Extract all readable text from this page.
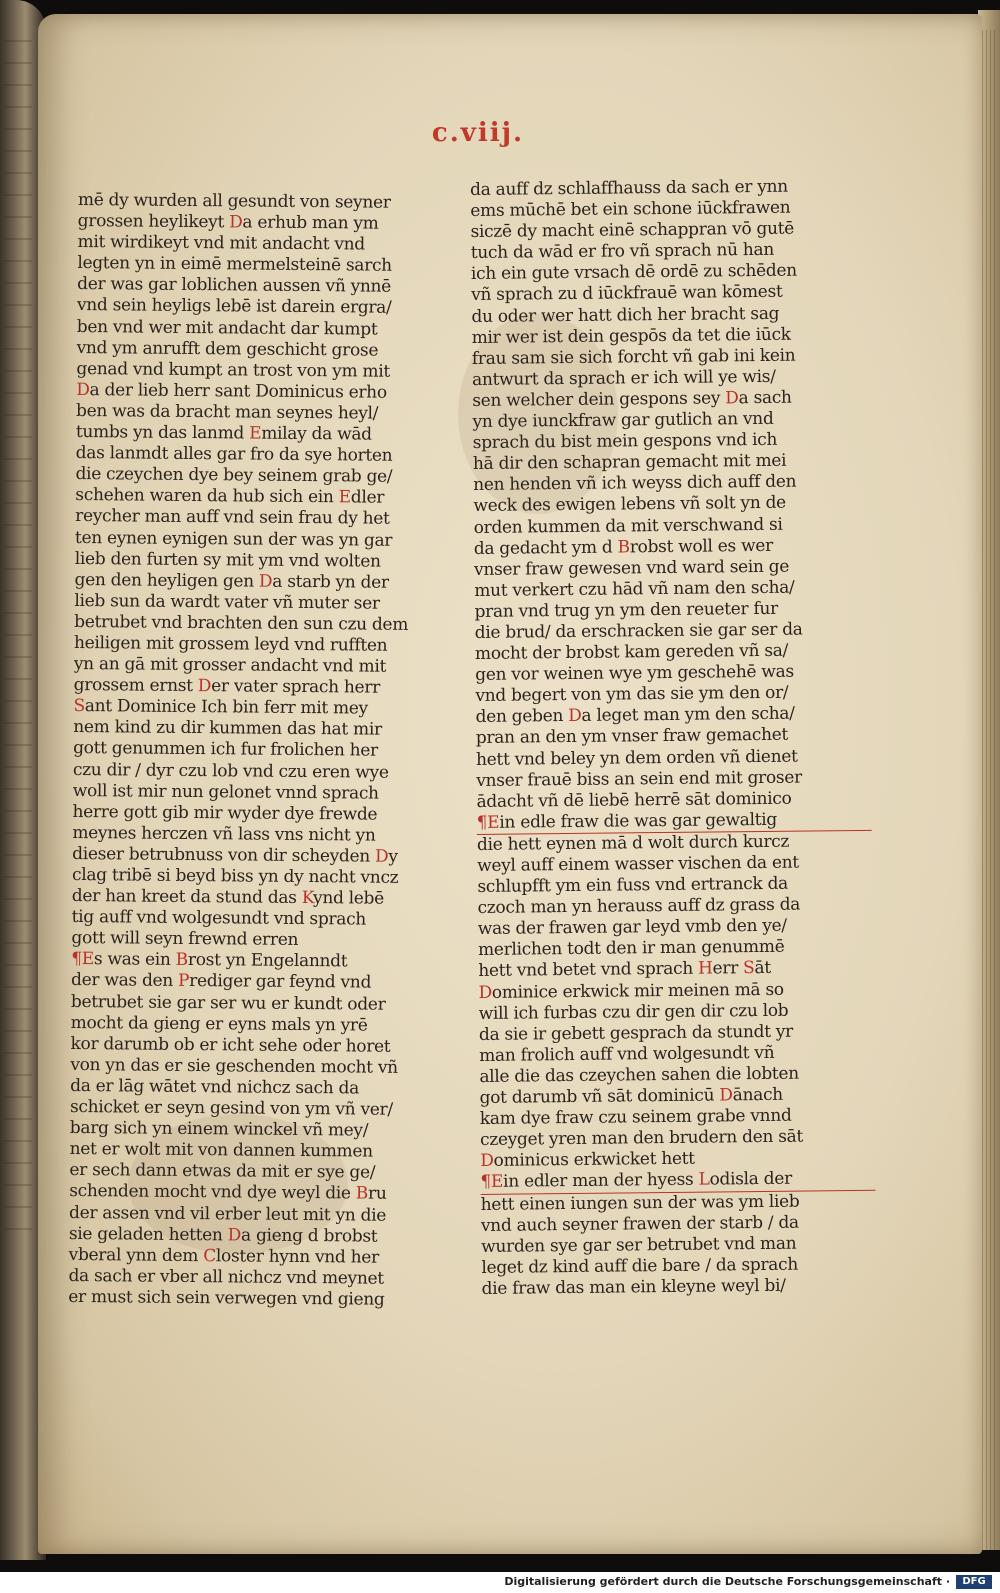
c.viij.
mē dy wurden all gesundt von seyner
grossen heylikeyt Da erhub man ym
mit wirdikeyt vnd mit andacht vnd
legten yn in eimē mermelsteinē sarch
der was gar loblichen aussen vñ ynnē
vnd sein heyligs lebē ist darein ergra/
ben vnd wer mit andacht dar kumpt
vnd ym anrufft dem geschicht grose
genad vnd kumpt an trost von ym mit
Da der lieb herr sant Dominicus erho
ben was da bracht man seynes heyl/
tumbs yn das lanmd Emilay da wād
das lanmdt alles gar fro da sye horten
die czeychen dye bey seinem grab ge/
schehen waren da hub sich ein Edler
reycher man auff vnd sein frau dy het
ten eynen eynigen sun der was yn gar
lieb den furten sy mit ym vnd wolten
gen den heyligen gen Da starb yn der
lieb sun da wardt vater vñ muter ser
betrubet vnd brachten den sun czu dem
heiligen mit grossem leyd vnd rufften
yn an gā mit grosser andacht vnd mit
grossem ernst Der vater sprach herr
Sant Dominice Ich bin ferr mit mey
nem kind zu dir kummen das hat mir
gott genummen ich fur frolichen her
czu dir / dyr czu lob vnd czu eren wye
woll ist mir nun gelonet vnnd sprach
herre gott gib mir wyder dye frewde
meynes herczen vñ lass vns nicht yn
dieser betrubnuss von dir scheyden Dy
clag tribē si beyd biss yn dy nacht vncz
der han kreet da stund das Kynd lebē
tig auff vnd wolgesundt vnd sprach
gott will seyn frewnd erren
¶Es was ein Brost yn Engelanndt
der was den Prediger gar feynd vnd
betrubet sie gar ser wu er kundt oder
mocht da gieng er eyns mals yn yrē
kor darumb ob er icht sehe oder horet
von yn das er sie geschenden mocht vñ
da er lāg wātet vnd nichcz sach da
schicket er seyn gesind von ym vñ ver/
barg sich yn einem winckel vñ mey/
net er wolt mit von dannen kummen
er sech dann etwas da mit er sye ge/
schenden mocht vnd dye weyl die Bru
der assen vnd vil erber leut mit yn die
sie geladen hetten Da gieng d brobst
vberal ynn dem Closter hynn vnd her
da sach er vber all nichcz vnd meynet
er must sich sein verwegen vnd gieng
da auff dz schlaffhauss da sach er ynn
ems mūchē bet ein schone iūckfrawen
siczē dy macht einē schappran vō gutē
tuch da wād er fro vñ sprach nū han
ich ein gute vrsach dē ordē zu schēden
vñ sprach zu d iūckfrauē wan kōmest
du oder wer hatt dich her bracht sag
mir wer ist dein gespōs da tet die iūck
frau sam sie sich forcht vñ gab ini kein
antwurt da sprach er ich will ye wis/
sen welcher dein gespons sey Da sach
yn dye iunckfraw gar gutlich an vnd
sprach du bist mein gespons vnd ich
hā dir den schapran gemacht mit mei
nen henden vñ ich weyss dich auff den
weck des ewigen lebens vñ solt yn de
orden kummen da mit verschwand si
da gedacht ym d Brobst woll es wer
vnser fraw gewesen vnd ward sein ge
mut verkert czu hād vñ nam den scha/
pran vnd trug yn ym den reueter fur
die brud/ da erschracken sie gar ser da
mocht der brobst kam gereden vñ sa/
gen vor weinen wye ym geschehē was
vnd begert von ym das sie ym den or/
den geben Da leget man ym den scha/
pran an den ym vnser fraw gemachet
hett vnd beley yn dem orden vñ dienet
vnser frauē biss an sein end mit groser
ādacht vñ dē liebē herrē sāt dominico
¶Ein edle fraw die was gar gewaltig
die hett eynen mā d wolt durch kurcz
weyl auff einem wasser vischen da ent
schlupfft ym ein fuss vnd ertranck da
czoch man yn herauss auff dz grass da
was der frawen gar leyd vmb den ye/
merlichen todt den ir man genummē
hett vnd betet vnd sprach Herr Sāt
Dominice erkwick mir meinen mā so
will ich furbas czu dir gen dir czu lob
da sie ir gebett gesprach da stundt yr
man frolich auff vnd wolgesundt vñ
alle die das czeychen sahen die lobten
got darumb vñ sāt dominicū Dānach
kam dye fraw czu seinem grabe vnnd
czeyget yren man den brudern den sāt
Dominicus erkwicket hett
¶Ein edler man der hyess Lodisla der
hett einen iungen sun der was ym lieb
vnd auch seyner frawen der starb / da
wurden sye gar ser betrubet vnd man
leget dz kind auff die bare / da sprach
die fraw das man ein kleyne weyl bi/
Digitalisierung gefördert durch die Deutsche Forschungsgemeinschaft ·	DFG
